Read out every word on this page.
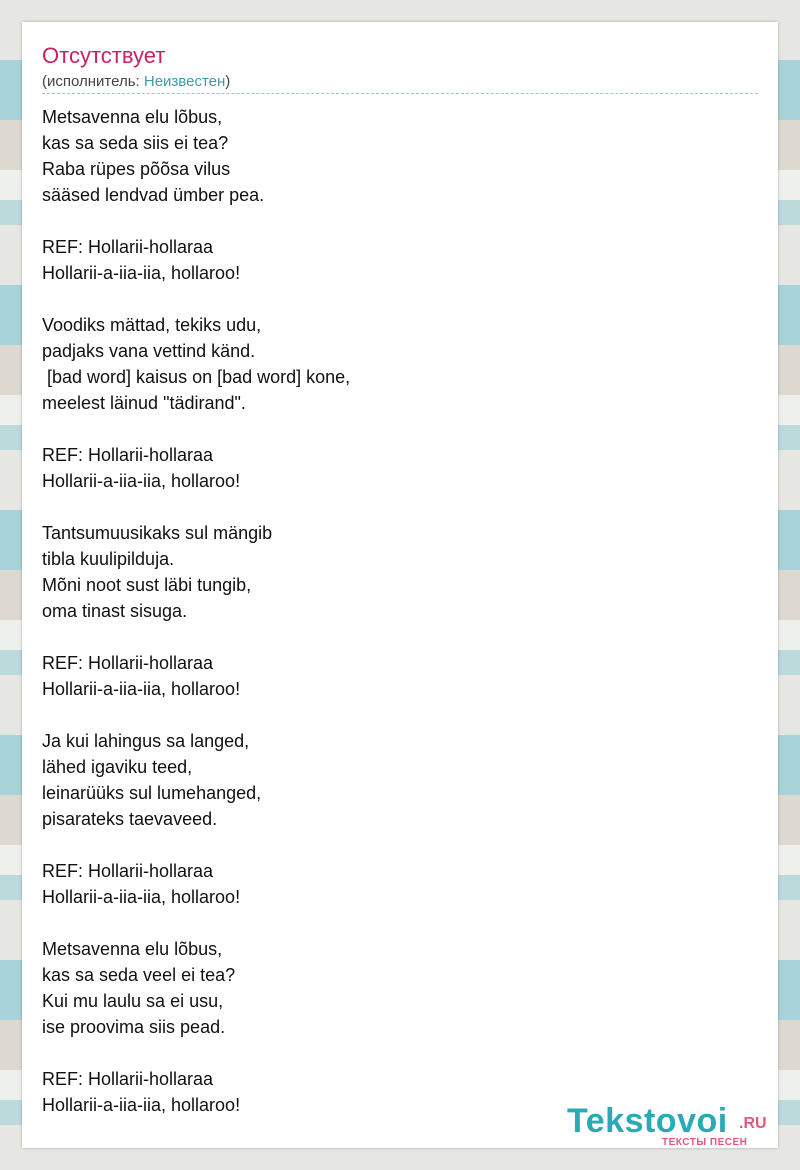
Отсутствует
(исполнитель: Неизвестен)
Metsavenna elu lõbus,
kas sa seda siis ei tea?
Raba rüpes põõsa vilus
sääsed lendvad ümber pea.
REF: Hollarii-hollaraa
Hollarii-a-iia-iia, hollaroo!
Voodiks mättad, tekiks udu,
padjaks vana vettind känd.
[bad word] kaisus on [bad word] kone,
meelest läinud "tädirand".
REF: Hollarii-hollaraa
Hollarii-a-iia-iia, hollaroo!
Tantsumuusikaks sul mängib
tibla kuulipilduja.
Mõni noot sust läbi tungib,
oma tinast sisuga.
REF: Hollarii-hollaraa
Hollarii-a-iia-iia, hollaroo!
Ja kui lahingus sa langed,
lähed igaviku teed,
leinarüüks sul lumehanged,
pisarateks taevaveed.
REF: Hollarii-hollaraa
Hollarii-a-iia-iia, hollaroo!
Metsavenna elu lõbus,
kas sa seda veel ei tea?
Kui mu laulu sa ei usu,
ise proovima siis pead.
REF: Hollarii-hollaraa
Hollarii-a-iia-iia, hollaroo!	Tekstovoi .RU
ТЕКСТЫ ПЕСЕН
